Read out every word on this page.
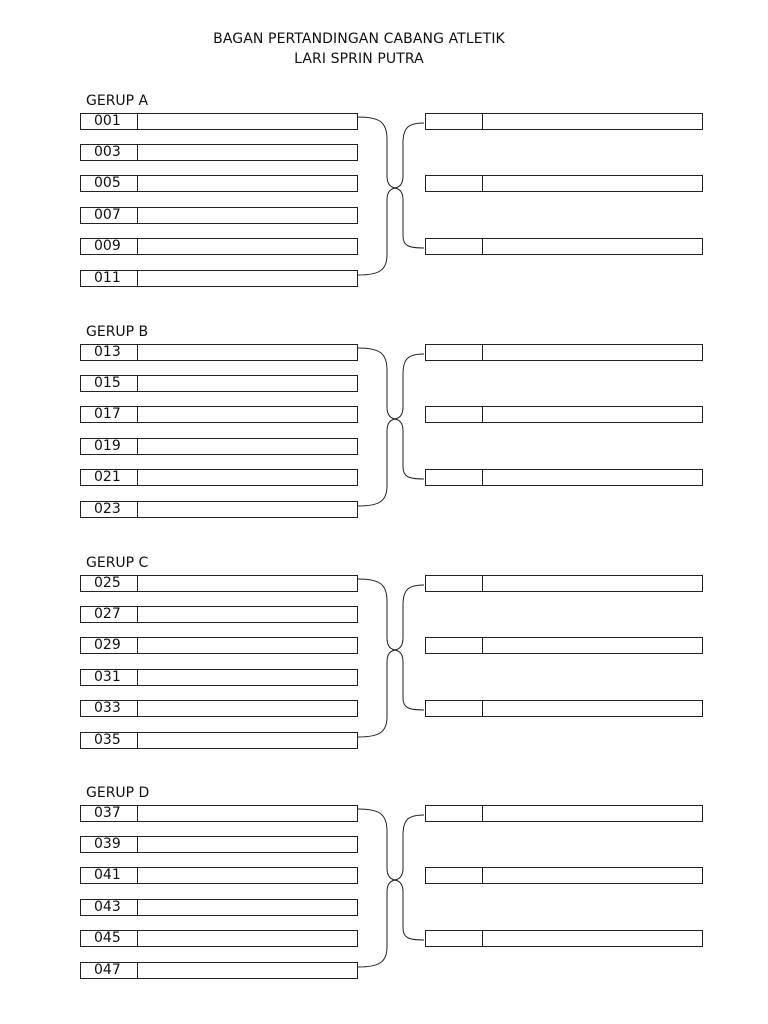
BAGAN PERTANDINGAN CABANG ATLETIK
LARI SPRIN PUTRA
GERUP A
001
003
005
007
009
011
GERUP B
013
015
017
019
021
023
GERUP C
025
027
029
031
033
035
GERUP D
037
039
041
043
045
047
